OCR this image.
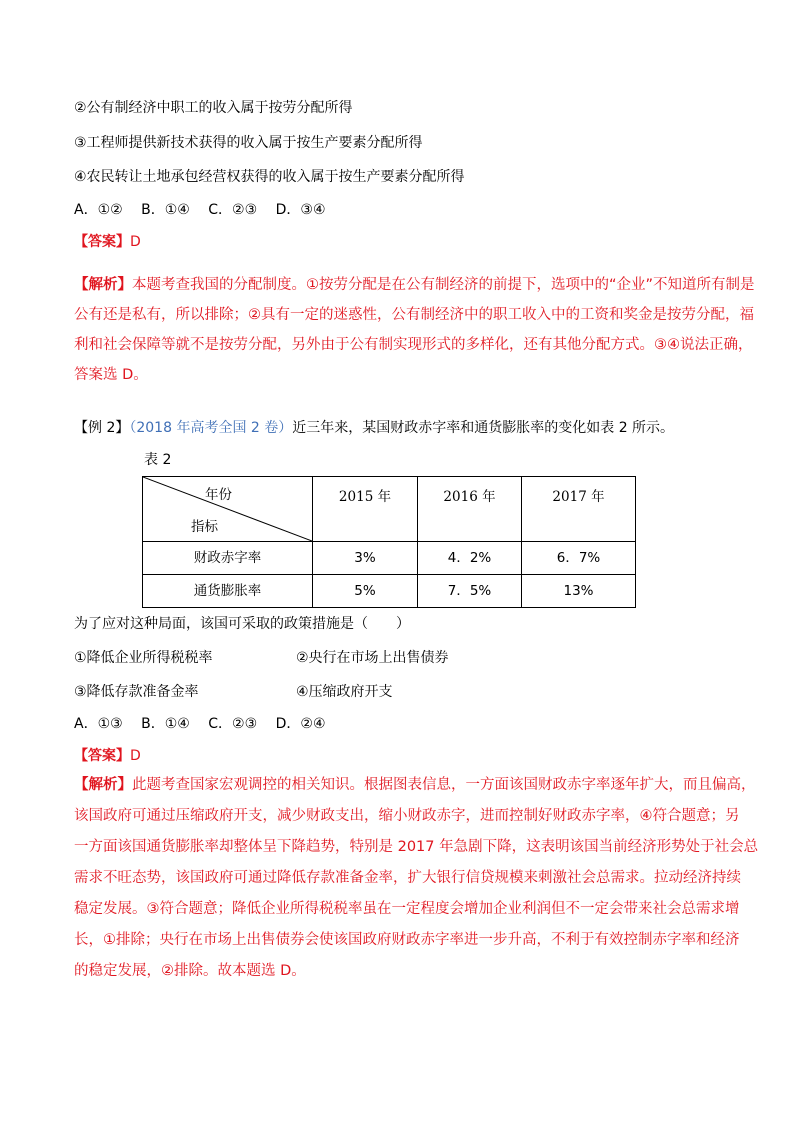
②公有制经济中职工的收入属于按劳分配所得
③工程师提供新技术获得的收入属于按生产要素分配所得
④农民转让土地承包经营权获得的收入属于按生产要素分配所得
A．①②　 B．①④　 C．②③　 D．③④
【答案】D
【解析】本题考查我国的分配制度。①按劳分配是在公有制经济的前提下，选项中的“企业”不知道所有制是
公有还是私有，所以排除；②具有一定的迷惑性，公有制经济中的职工收入中的工资和奖金是按劳分配，福
利和社会保障等就不是按劳分配，另外由于公有制实现形式的多样化，还有其他分配方式。③④说法正确，
答案选 D。
【例 2】（2018 年高考全国 2 卷）近三年来，某国财政赤字率和通货膨胀率的变化如表 2 所示。
表 2
年份
指标	2015 年	2016 年	2017 年

财政赤字率	3%	4．2%	6．7%
通货膨胀率	5%	7．5%	13%
为了应对这种局面，该国可采取的政策措施是（　　）
①降低企业所得税税率	②央行在市场上出售债券
③降低存款准备金率	④压缩政府开支
A．①③　 B．①④　 C．②③　 D．②④
【答案】D
【解析】此题考查国家宏观调控的相关知识。根据图表信息，一方面该国财政赤字率逐年扩大，而且偏高，
该国政府可通过压缩政府开支，减少财政支出，缩小财政赤字，进而控制好财政赤字率，④符合题意；另
一方面该国通货膨胀率却整体呈下降趋势，特别是 2017 年急剧下降，这表明该国当前经济形势处于社会总
需求不旺态势，该国政府可通过降低存款准备金率，扩大银行信贷规模来刺激社会总需求。拉动经济持续
稳定发展。③符合题意；降低企业所得税税率虽在一定程度会增加企业利润但不一定会带来社会总需求增
长，①排除；央行在市场上出售债券会使该国政府财政赤字率进一步升高，不利于有效控制赤字率和经济
的稳定发展，②排除。故本题选 D。
